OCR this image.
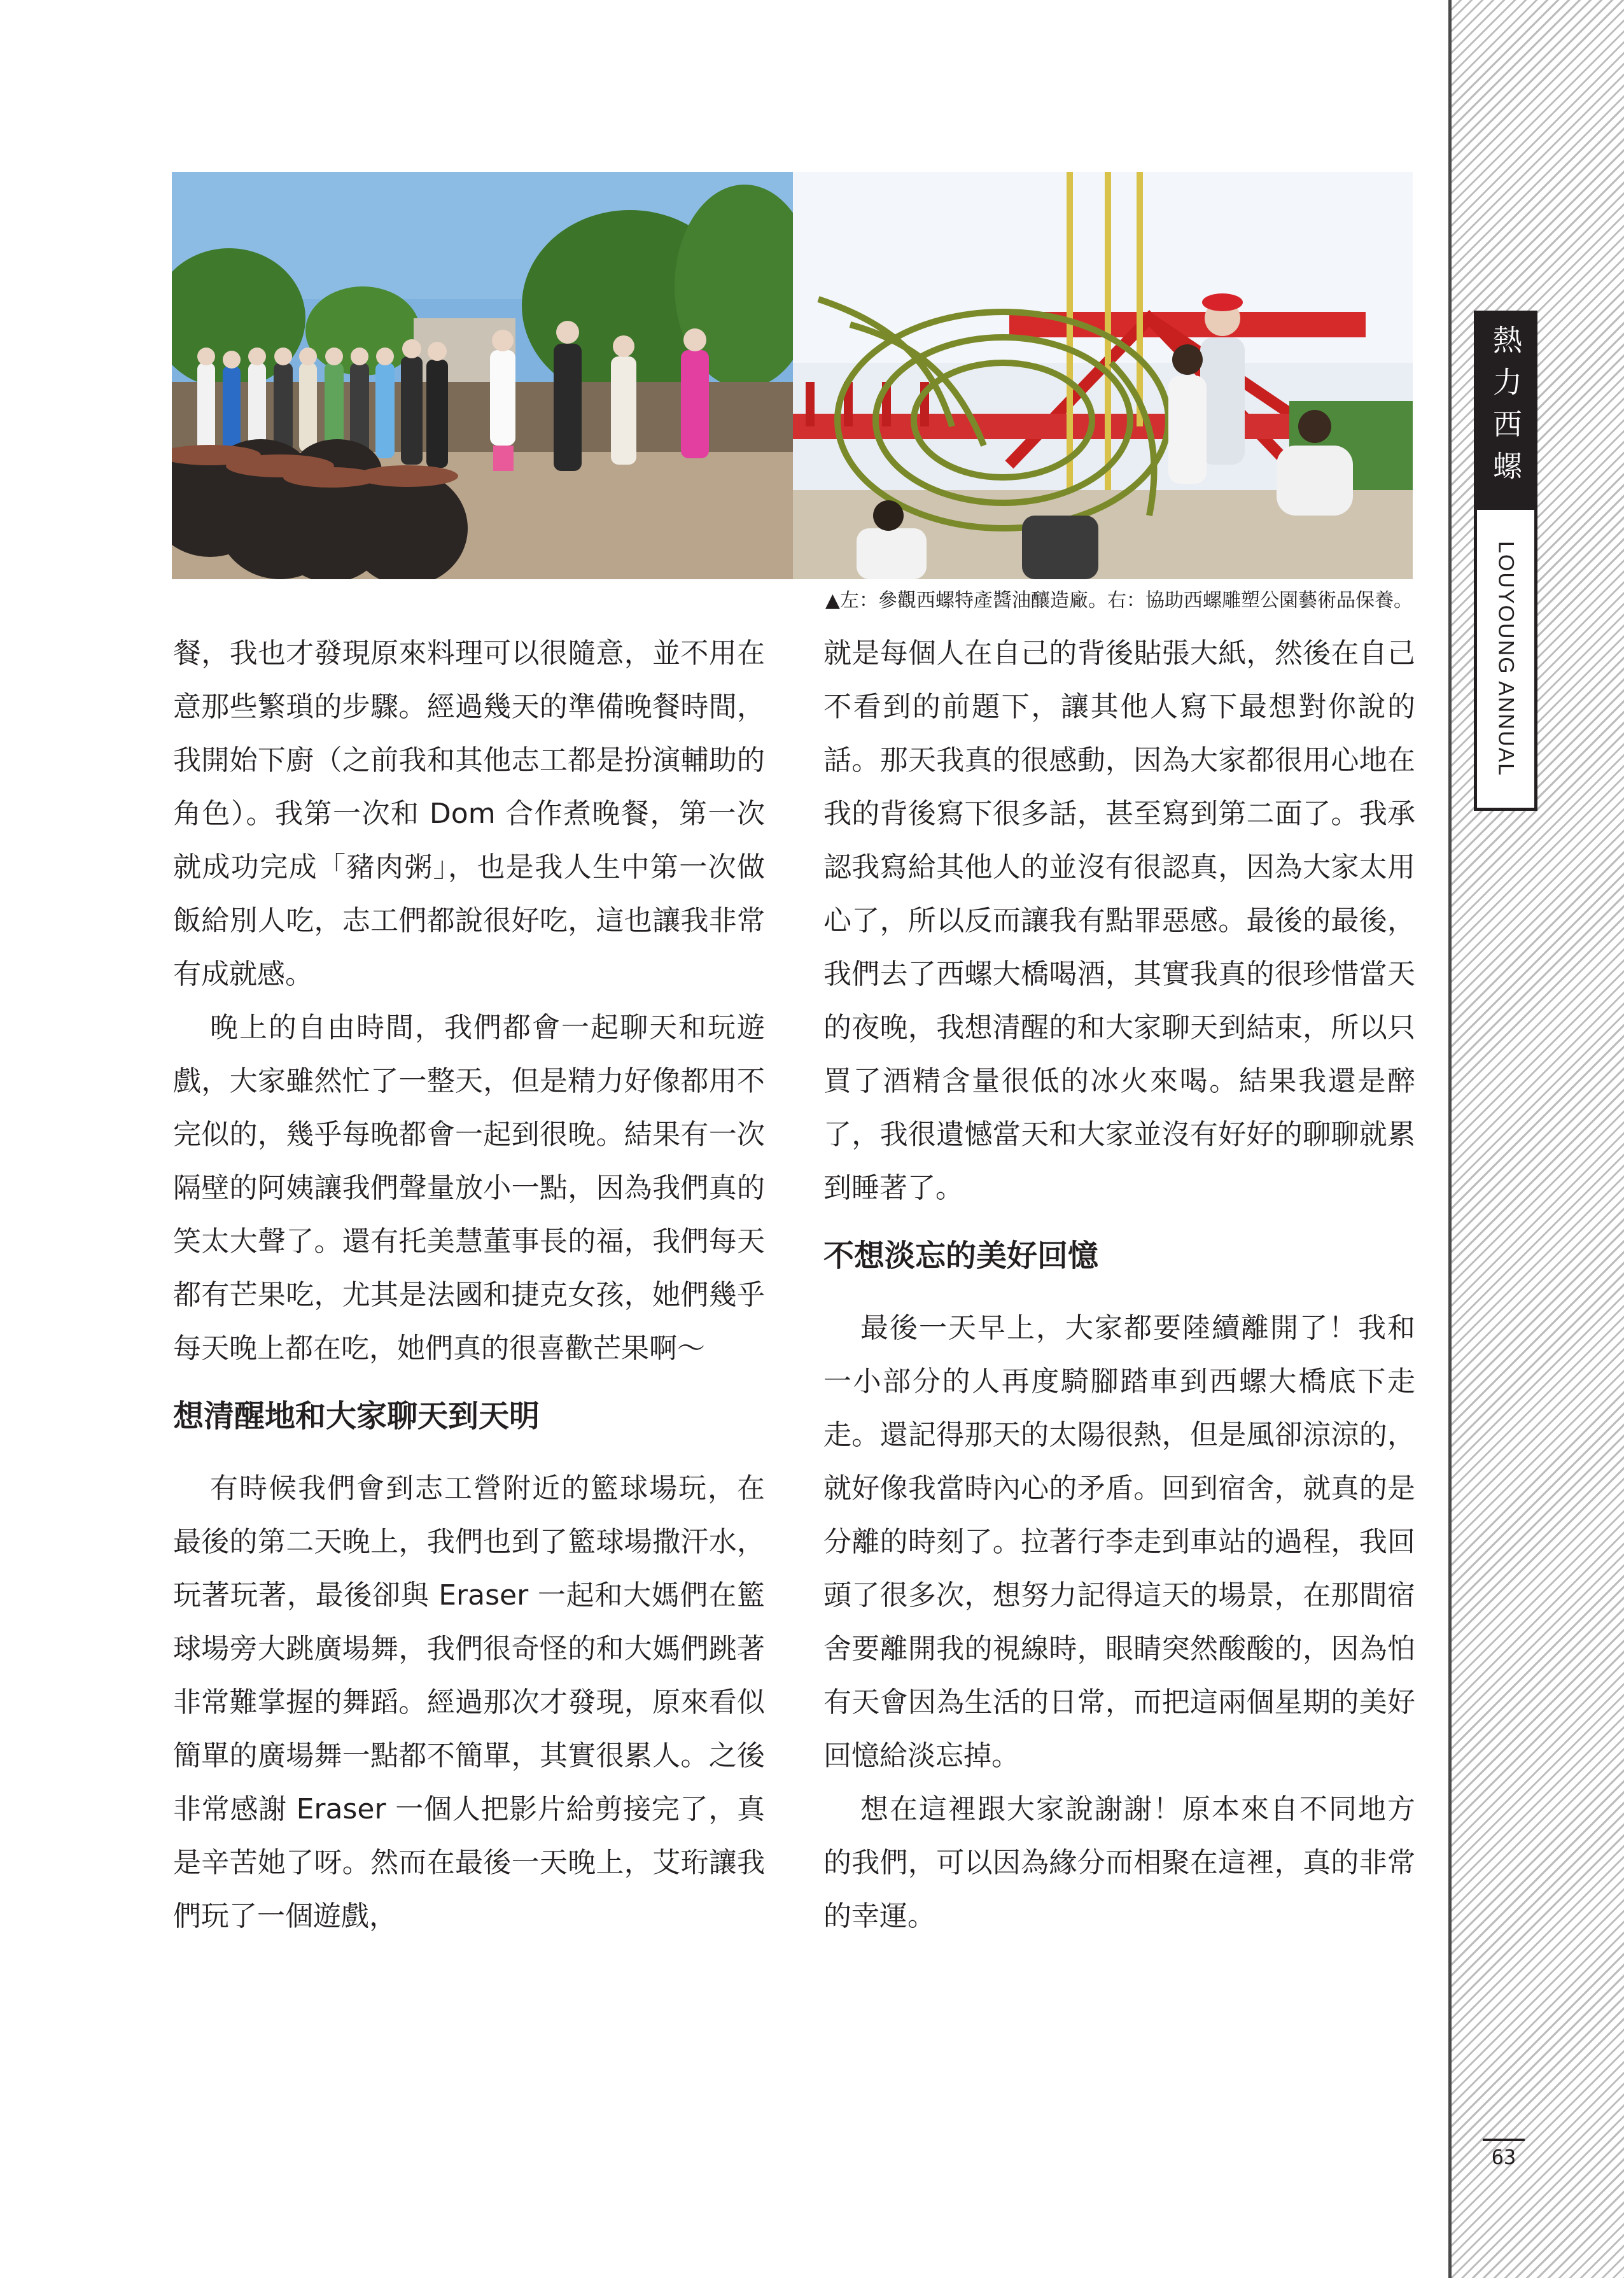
熱力西螺
LOUYOUNG ANNUAL
▲左：參觀西螺特產醬油釀造廠。右：協助西螺雕塑公園藝術品保養。

餐，我也才發現原來料理可以很隨意，並不用在意那些繁瑣的步驟。經過幾天的準備晚餐時間，我開始下廚（之前我和其他志工都是扮演輔助的角色）。我第一次和 Dom 合作煮晚餐，第一次就成功完成「豬肉粥」，也是我人生中第一次做飯給別人吃，志工們都說很好吃，這也讓我非常有成就感。

晚上的自由時間，我們都會一起聊天和玩遊戲，大家雖然忙了一整天，但是精力好像都用不完似的，幾乎每晚都會一起到很晚。結果有一次隔壁的阿姨讓我們聲量放小一點，因為我們真的笑太大聲了。還有托美慧董事長的福，我們每天都有芒果吃，尤其是法國和捷克女孩，她們幾乎每天晚上都在吃，她們真的很喜歡芒果啊～

想清醒地和大家聊天到天明

有時候我們會到志工營附近的籃球場玩，在最後的第二天晚上，我們也到了籃球場撒汗水，玩著玩著，最後卻與 Eraser 一起和大媽們在籃球場旁大跳廣場舞，我們很奇怪的和大媽們跳著非常難掌握的舞蹈。經過那次才發現，原來看似簡單的廣場舞一點都不簡單，其實很累人。之後非常感謝 Eraser 一個人把影片給剪接完了，真是辛苦她了呀。然而在最後一天晚上，艾珩讓我們玩了一個遊戲，

就是每個人在自己的背後貼張大紙，然後在自己不看到的前題下，讓其他人寫下最想對你說的話。那天我真的很感動，因為大家都很用心地在我的背後寫下很多話，甚至寫到第二面了。我承認我寫給其他人的並沒有很認真，因為大家太用心了，所以反而讓我有點罪惡感。最後的最後，我們去了西螺大橋喝酒，其實我真的很珍惜當天的夜晚，我想清醒的和大家聊天到結束，所以只買了酒精含量很低的冰火來喝。結果我還是醉了，我很遺憾當天和大家並沒有好好的聊聊就累到睡著了。

不想淡忘的美好回憶

最後一天早上，大家都要陸續離開了！我和一小部分的人再度騎腳踏車到西螺大橋底下走走。還記得那天的太陽很熱，但是風卻涼涼的，就好像我當時內心的矛盾。回到宿舍，就真的是分離的時刻了。拉著行李走到車站的過程，我回頭了很多次，想努力記得這天的場景，在那間宿舍要離開我的視線時，眼睛突然酸酸的，因為怕有天會因為生活的日常，而把這兩個星期的美好回憶給淡忘掉。

想在這裡跟大家說謝謝！原本來自不同地方的我們，可以因為緣分而相聚在這裡，真的非常的幸運。

63
